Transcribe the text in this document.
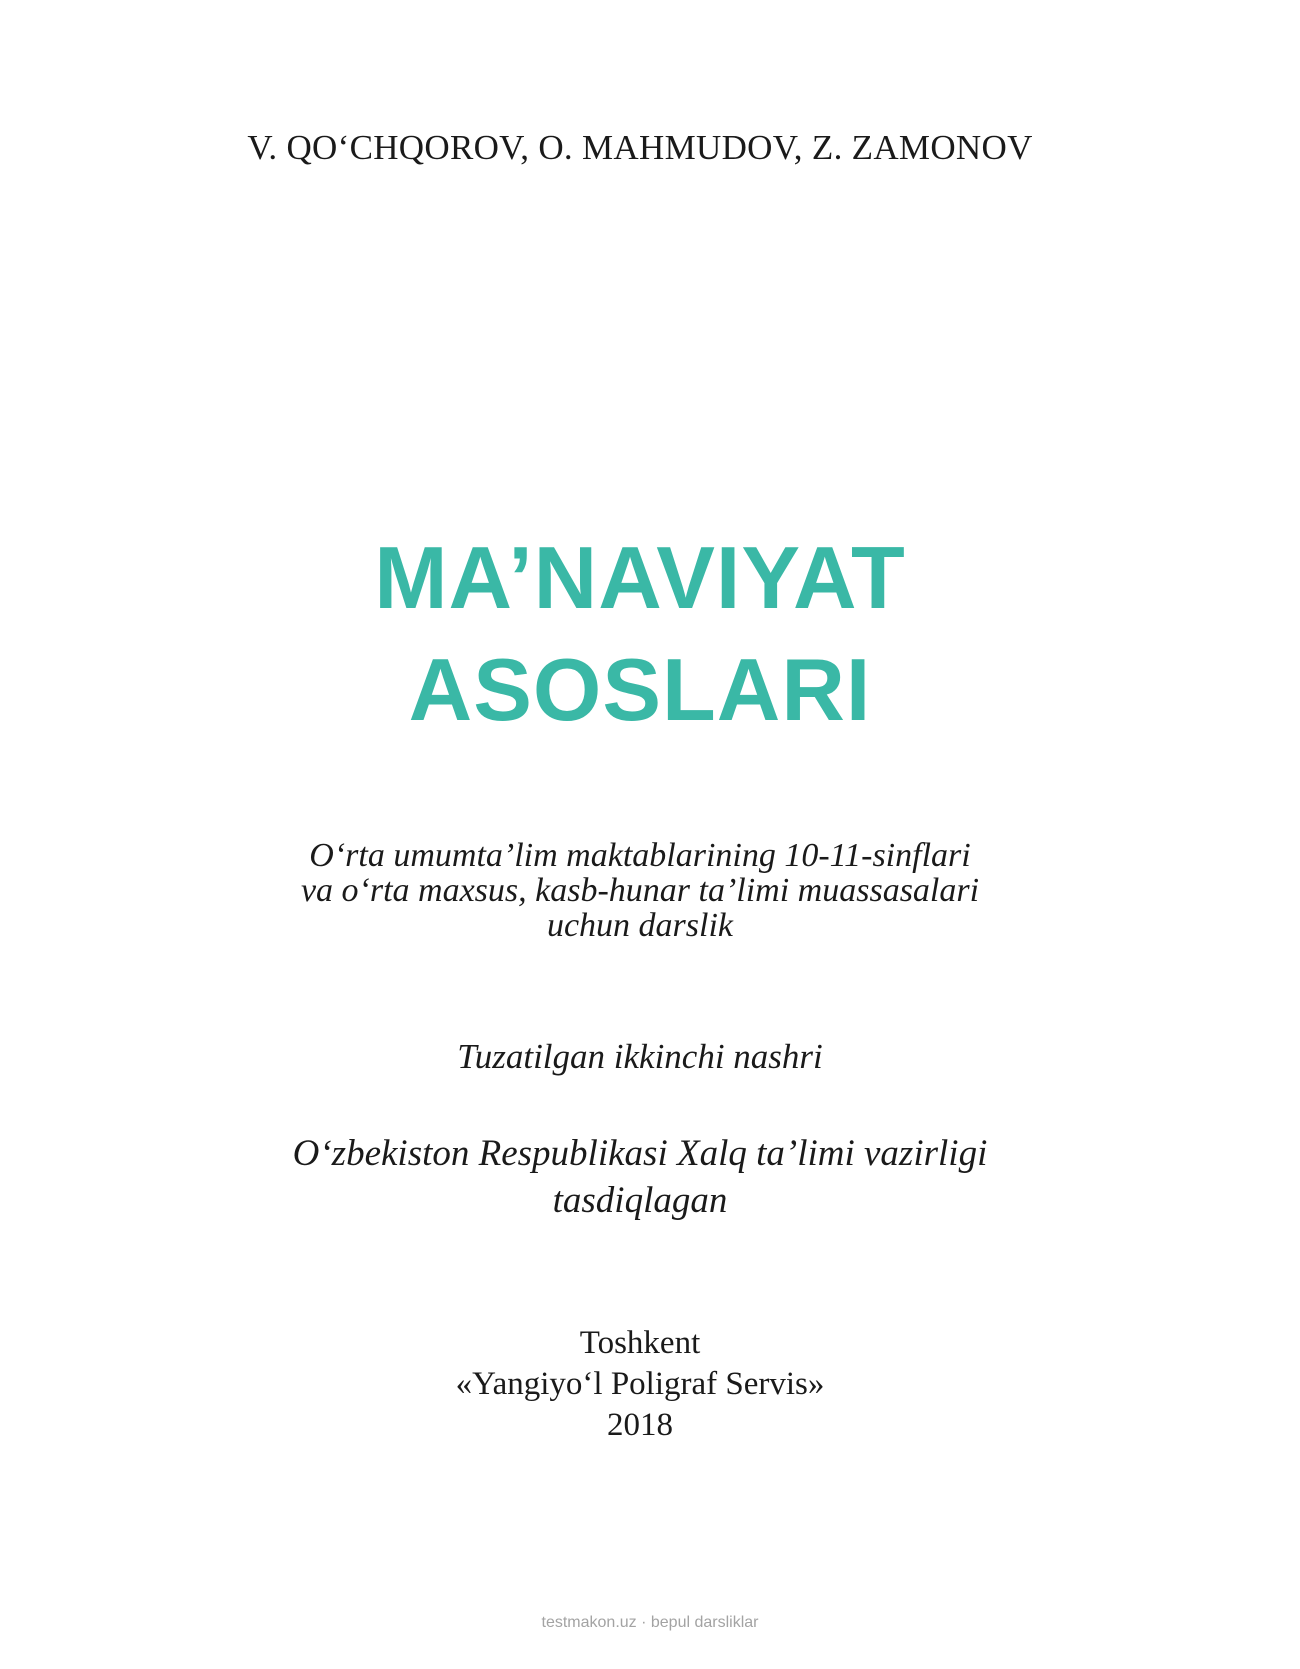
V. QO‘CHQOROV, O. MAHMUDOV, Z. ZAMONOV
MA’NAVIYAT
ASOSLARI
O‘rta umumta’lim maktablarining 10-11-sinflari
va o‘rta maxsus, kasb-hunar ta’limi muassasalari
uchun darslik
Tuzatilgan ikkinchi nashri
O‘zbekiston Respublikasi Xalq ta’limi vazirligi
tasdiqlagan
Toshkent
«Yangiyo‘l Poligraf Servis»
2018
testmakon.uz · bepul darsliklar
